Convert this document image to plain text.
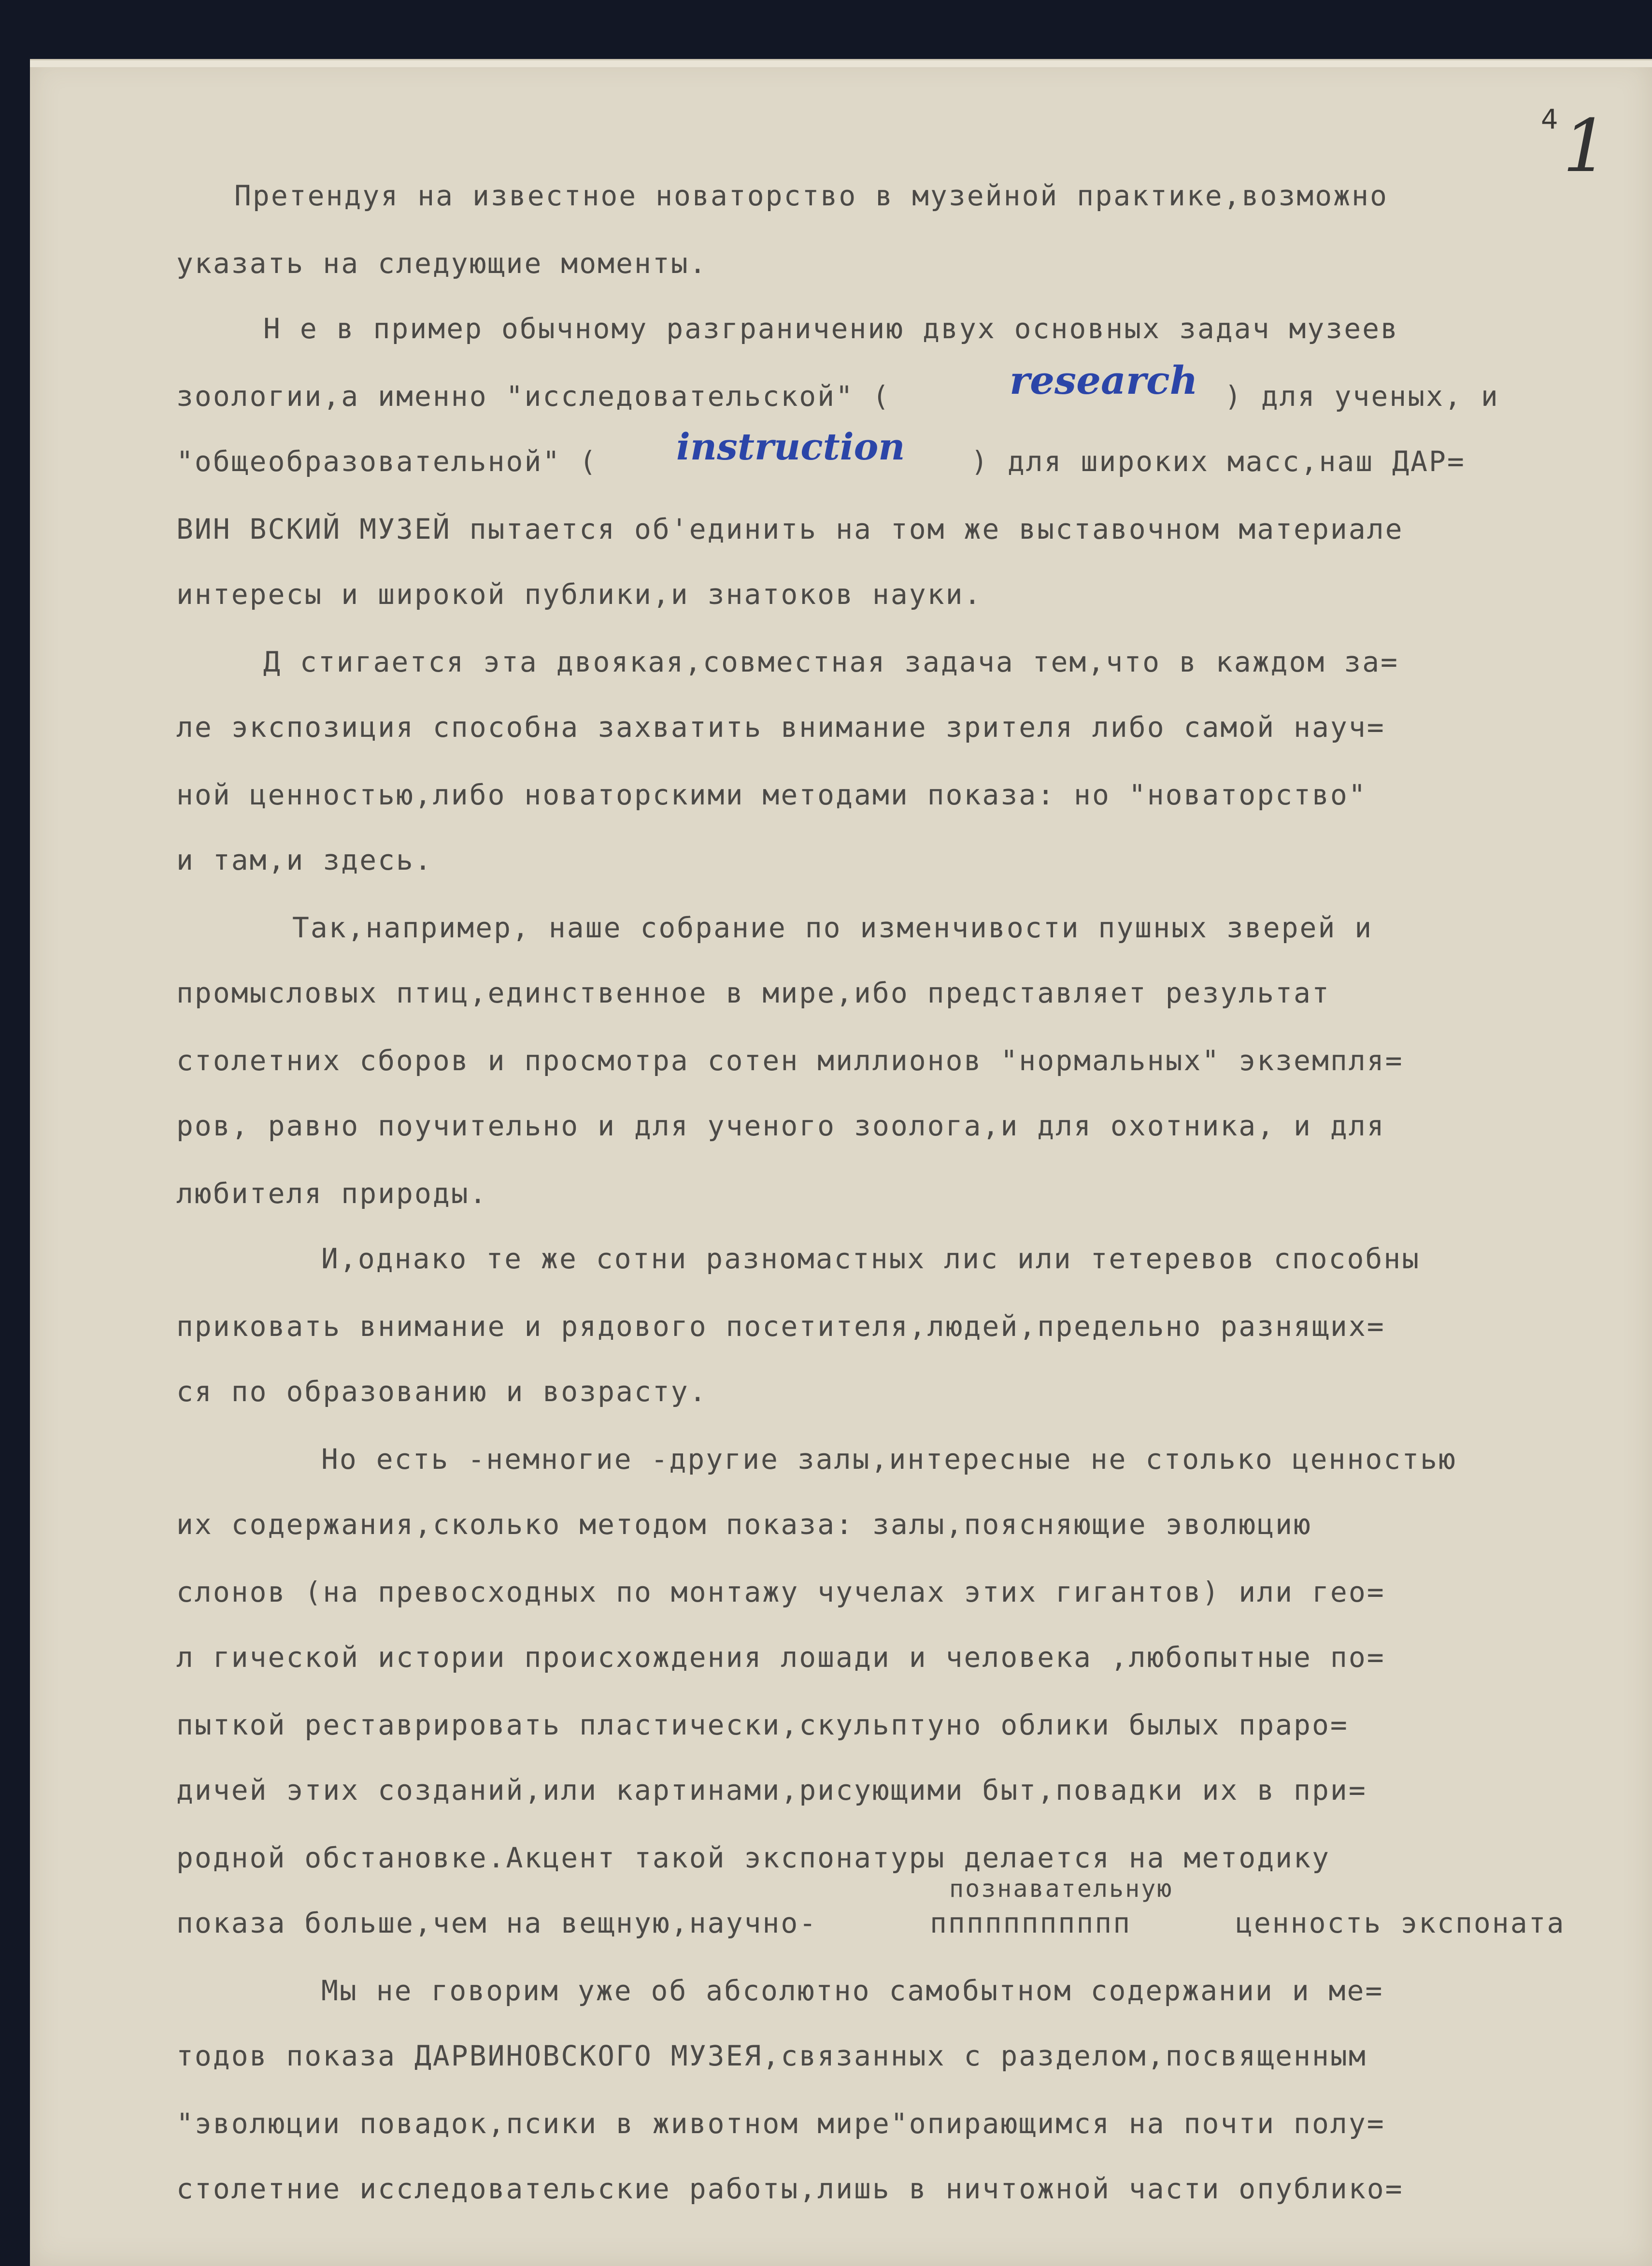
4 1

Претендуя на известное новаторство в музейной практике,возможно

указать на следующие моменты.

Н е в пример обычному разграничению двух основных задач музеев

зоологии,а именно "исследовательской" (	research ) для ученых, и

"общеобразовательной" ( instruction ) для широких масс,наш ДАР=

ВИН ВСКИЙ МУЗЕЙ пытается об'единить на том же выставочном материале

интересы и широкой публики,и знатоков науки.

Д стигается эта двоякая,совместная задача тем,что в каждом за=

ле экспозиция способна захватить внимание зрителя либо самой науч=

ной ценностью,либо новаторскими методами показа: но "новаторство"

и там,и здесь.

Так,например, наше собрание по изменчивости пушных зверей и

промысловых птиц,единственное в мире,ибо представляет результат

столетних сборов и просмотра сотен миллионов "нормальных" экземпля=

ров, равно поучительно и для ученого зоолога,и для охотника, и для

любителя природы.

И,однако те же сотни разномастных лис или тетеревов способны

приковать внимание и рядового посетителя,людей,предельно разнящих=

ся по образованию и возрасту.

Но есть -немногие -другие залы,интересные не столько ценностью

их содержания,сколько методом показа: залы,поясняющие эволюцию

слонов (на превосходных по монтажу чучелах этих гигантов) или гео=

л гической истории происхождения лошади и человека ,любопытные по=

пыткой реставрировать пластически,скульптуно облики былых праро=

дичей этих созданий,или картинами,рисующими быт,повадки их в при=

родной обстановке.Акцент такой экспонатуры делается на методику

познавательную

показа больше,чем на вещную,научно-	ппппппппппп	ценность экспоната

Мы не говорим уже об абсолютно самобытном содержании и ме=

тодов показа ДАРВИНОВСКОГО МУЗЕЯ,связанных с разделом,посвященным

"эволюции повадок,псики в животном мире"опирающимся на почти полу=

столетние исследовательские работы,лишь в ничтожной части опублико=
